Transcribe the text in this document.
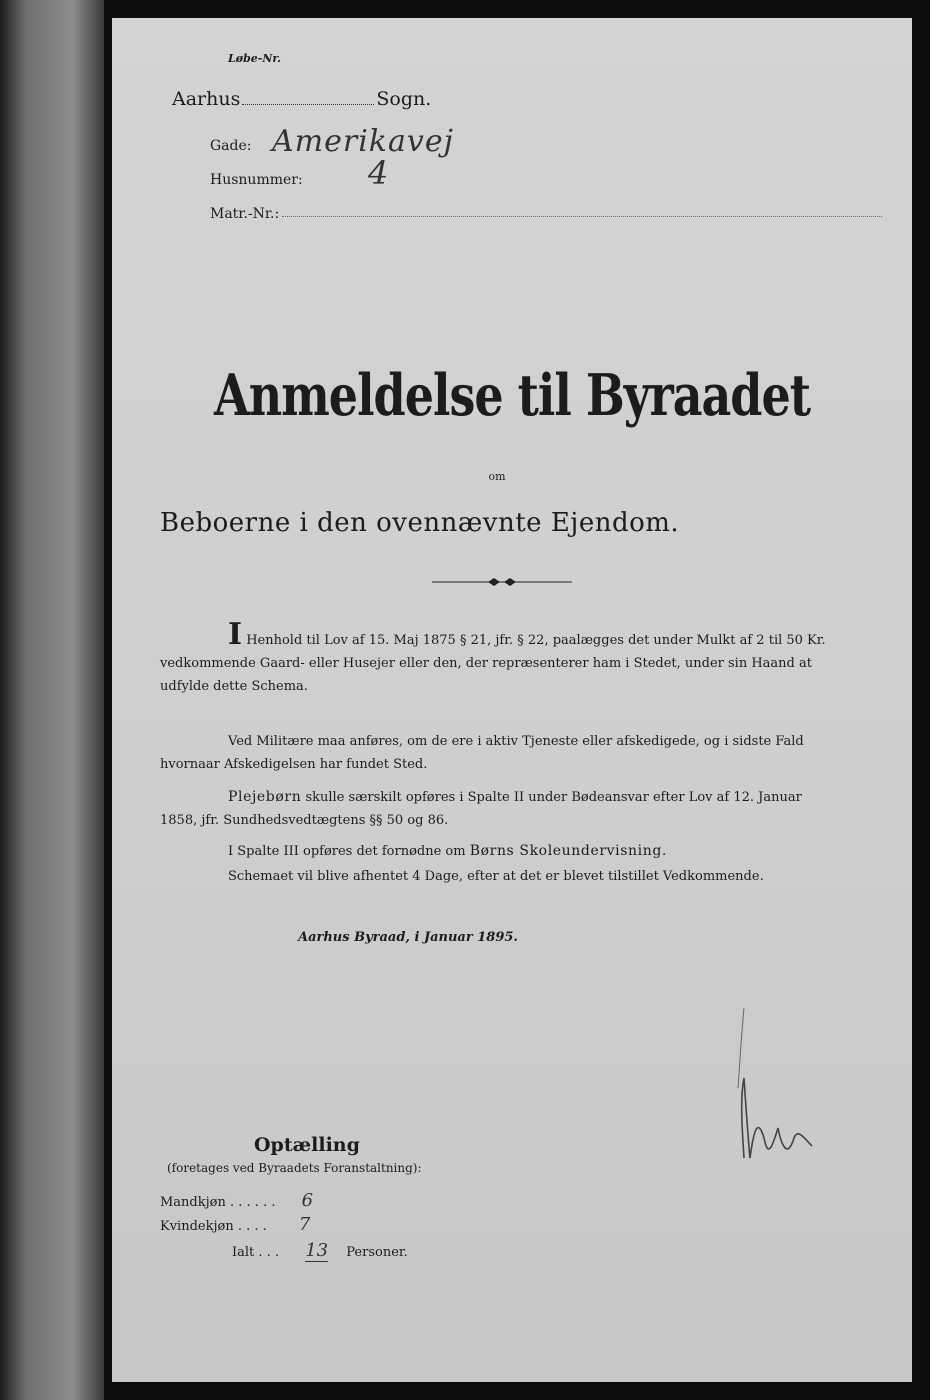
Løbe-Nr.
Aarhus	Sogn.
Gade: Amerikavej
Husnummer: 4
Matr.-Nr.:
Anmeldelse til Byraadet
om
Beboerne i den ovennævnte Ejendom.
I Henhold til Lov af 15. Maj 1875 § 21, jfr. § 22, paalægges det under Mulkt af 2 til 50 Kr. vedkommende Gaard- eller Husejer eller den, der repræsenterer ham i Stedet, under sin Haand at udfylde dette Schema.
Ved Militære maa anføres, om de ere i aktiv Tjeneste eller afskedigede, og i sidste Fald hvornaar Afskedigelsen har fundet Sted.
Plejebørn skulle særskilt opføres i Spalte II under Bødeansvar efter Lov af 12. Januar 1858, jfr. Sundhedsvedtægtens §§ 50 og 86.
I Spalte III opføres det fornødne om Børns Skoleundervisning.
Schemaet vil blive afhentet 4 Dage, efter at det er blevet tilstillet Vedkommende.
Aarhus Byraad, i Januar 1895.
Optælling
(foretages ved Byraadets Foranstaltning):
Mandkjøn . . . . . . 6
Kvindekjøn . . . . 7
Ialt . . . 13 Personer.
